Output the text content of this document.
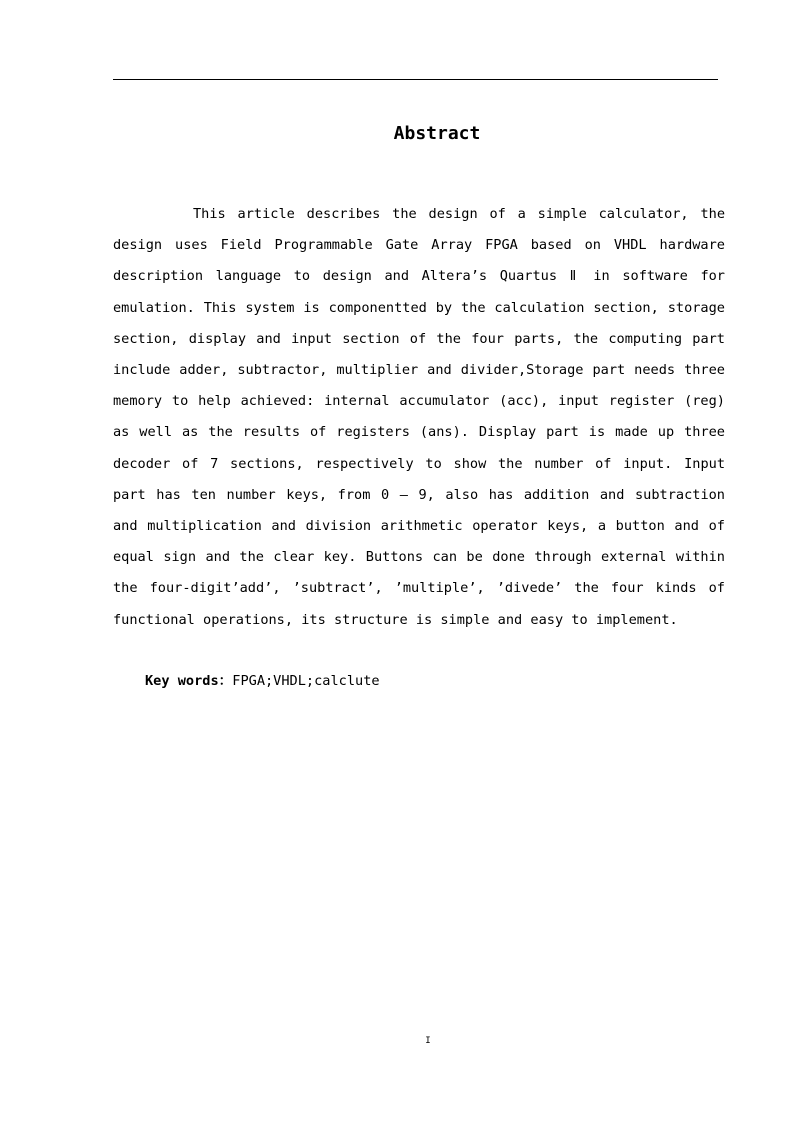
Abstract

This article describes the design of a simple calculator, the design uses Field Programmable Gate Array FPGA based on VHDL hardware description language to design and Altera’s Quartus Ⅱ in software for emulation. This system is componentted by the calculation section, storage section, display and input section of the four parts, the computing part include adder, subtractor, multiplier and divider,Storage part needs three memory to help achieved: internal accumulator (acc), input register (reg) as well as the results of registers (ans). Display part is made up three decoder of 7 sections, respectively to show the number of input. Input part has ten number keys, from 0 – 9, also has addition and subtraction and multiplication and division arithmetic operator keys, a button and of equal sign and the clear key. Buttons can be done through external within the four-digit’add’, ’subtract’, ’multiple’, ’divede’ the four kinds of functional operations, its structure is simple and easy to implement.

Key words：FPGA;VHDL;calclute

I
